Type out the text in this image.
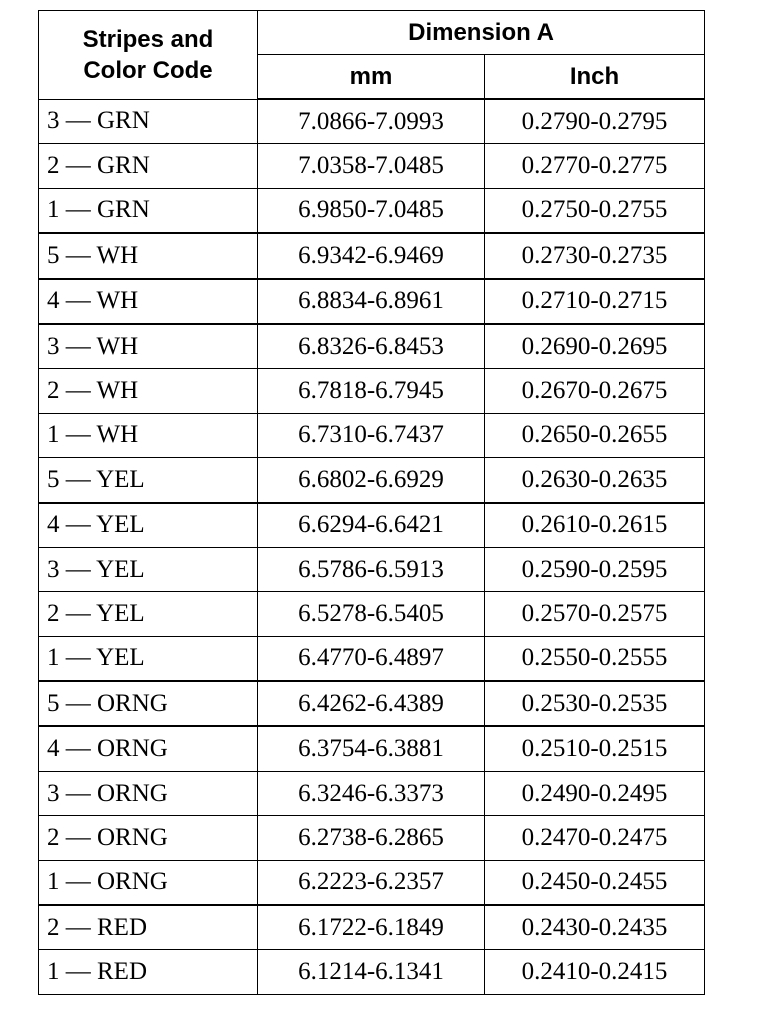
Stripes and
Color Code	Dimension A	
	mm	Inch
3 — GRN	7.0866-7.0993	0.2790-0.2795
2 — GRN	7.0358-7.0485	0.2770-0.2775
1 — GRN	6.9850-7.0485	0.2750-0.2755
5 — WH	6.9342-6.9469	0.2730-0.2735
4 — WH	6.8834-6.8961	0.2710-0.2715
3 — WH	6.8326-6.8453	0.2690-0.2695
2 — WH	6.7818-6.7945	0.2670-0.2675
1 — WH	6.7310-6.7437	0.2650-0.2655
5 — YEL	6.6802-6.6929	0.2630-0.2635
4 — YEL	6.6294-6.6421	0.2610-0.2615
3 — YEL	6.5786-6.5913	0.2590-0.2595
2 — YEL	6.5278-6.5405	0.2570-0.2575
1 — YEL	6.4770-6.4897	0.2550-0.2555
5 — ORNG	6.4262-6.4389	0.2530-0.2535
4 — ORNG	6.3754-6.3881	0.2510-0.2515
3 — ORNG	6.3246-6.3373	0.2490-0.2495
2 — ORNG	6.2738-6.2865	0.2470-0.2475
1 — ORNG	6.2223-6.2357	0.2450-0.2455
2 — RED	6.1722-6.1849	0.2430-0.2435
1 — RED	6.1214-6.1341	0.2410-0.2415
